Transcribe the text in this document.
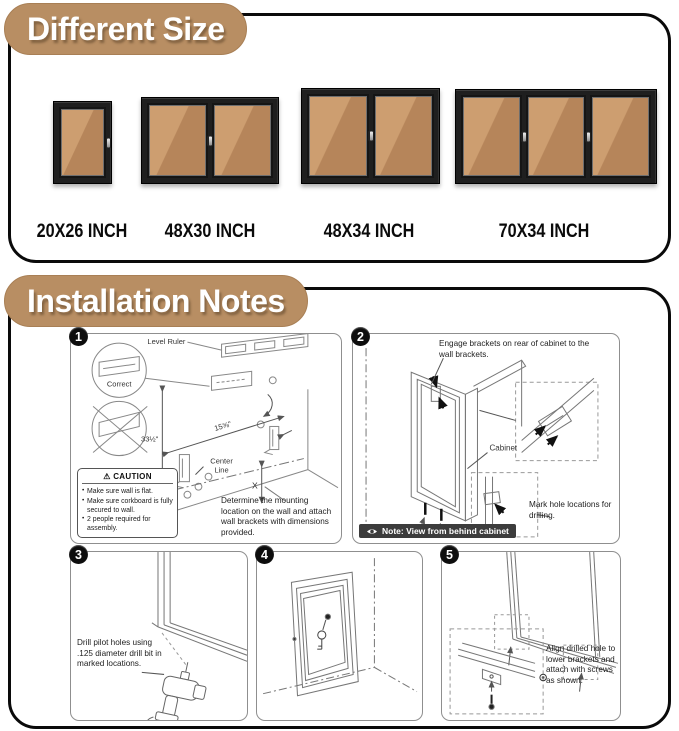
Different Size
20X26 INCH 48X30 INCH	48X34 INCH	70X34 INCH
Installation Notes
1
Correct
Level Ruler
33½"
15⅝"
Center
Line
X
⚠ CAUTION
• Make sure wall is flat.
• Make sure corkboard is fully secured to wall.
• 2 people required for assembly.
Determine the mounting location on the wall and attach wall brackets with dimensions provided.
2
Cabinet
Engage brackets on rear of cabinet to the wall brackets.
Mark hole locations for drilling.
Note: View from behind cabinet
3
Drill pilot holes using .125 diameter drill bit in marked locations.
4	5
Align drilled hole to lower brackets and attach with screws as shown.
